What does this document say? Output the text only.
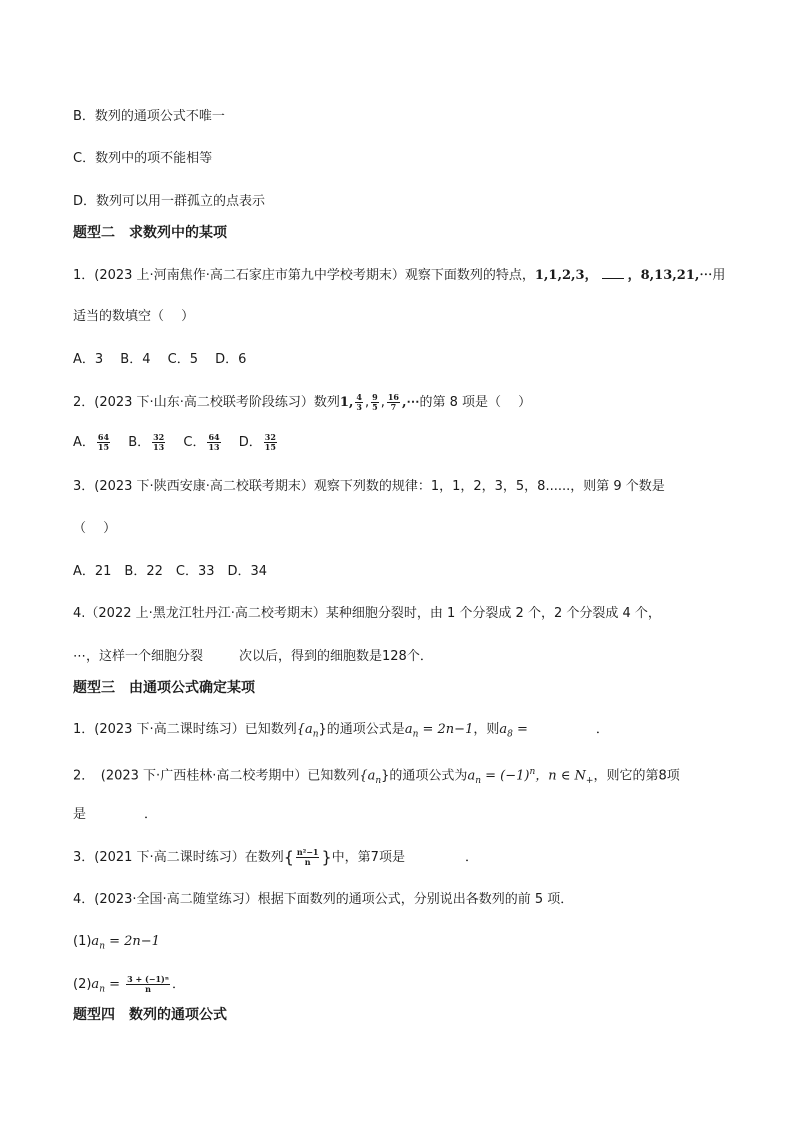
B．数列的通项公式不唯一
C．数列中的项不能相等
D．数列可以用一群孤立的点表示
题型二　求数列中的某项
1．(2023 上·河南焦作·高二石家庄市第九中学校考期末）观察下面数列的特点，1,1,2,3， ，8,13,21,⋯用
适当的数填空（　 ）
A．3　 B．4　 C．5　 D．6
2．(2023 下·山东·高二校联考阶段练习）数列1, $\frac{4}{3}$ , $\frac{9}{5}$ , $\frac{16}{7}$ ,⋯的第 8 项是（　 ）
A． $\frac{64}{15}$ B． $\frac{32}{13}$ C． $\frac{64}{13}$ D． $\frac{32}{15}$
3．(2023 下·陕西安康·高二校联考期末）观察下列数的规律：1，1，2，3，5，8......，则第 9 个数是
（　 ）
A．21　B．22　C．33　D．34
4.（2022 上·黑龙江牡丹江·高二校考期末）某种细胞分裂时，由 1 个分裂成 2 个，2 个分裂成 4 个，
⋯，这样一个细胞分裂	次以后，得到的细胞数是128个．
题型三　由通项公式确定某项
1．(2023 下·高二课时练习）已知数列$\{a_n\}$的通项公式是$a_n = 2n-1$，则$a_8$ =	．
2．　(2023 下·广西桂林·高二校考期中）已知数列$\{a_n\}$的通项公式为$a_n = (-1)^n$，n ∈ $N_+$，则它的第8项
是	．
3．(2021 下·高二课时练习）在数列{ $\frac{\text{n²−1}}{n}$ }中，第7项是	．
4．(2023·全国·高二随堂练习）根据下面数列的通项公式，分别说出各数列的前 5 项．
$(1)a_n = 2n-1$
$(2)a_n = \frac{\text{3 + (−1)ⁿ}}{n}$ ．
题型四　数列的通项公式
